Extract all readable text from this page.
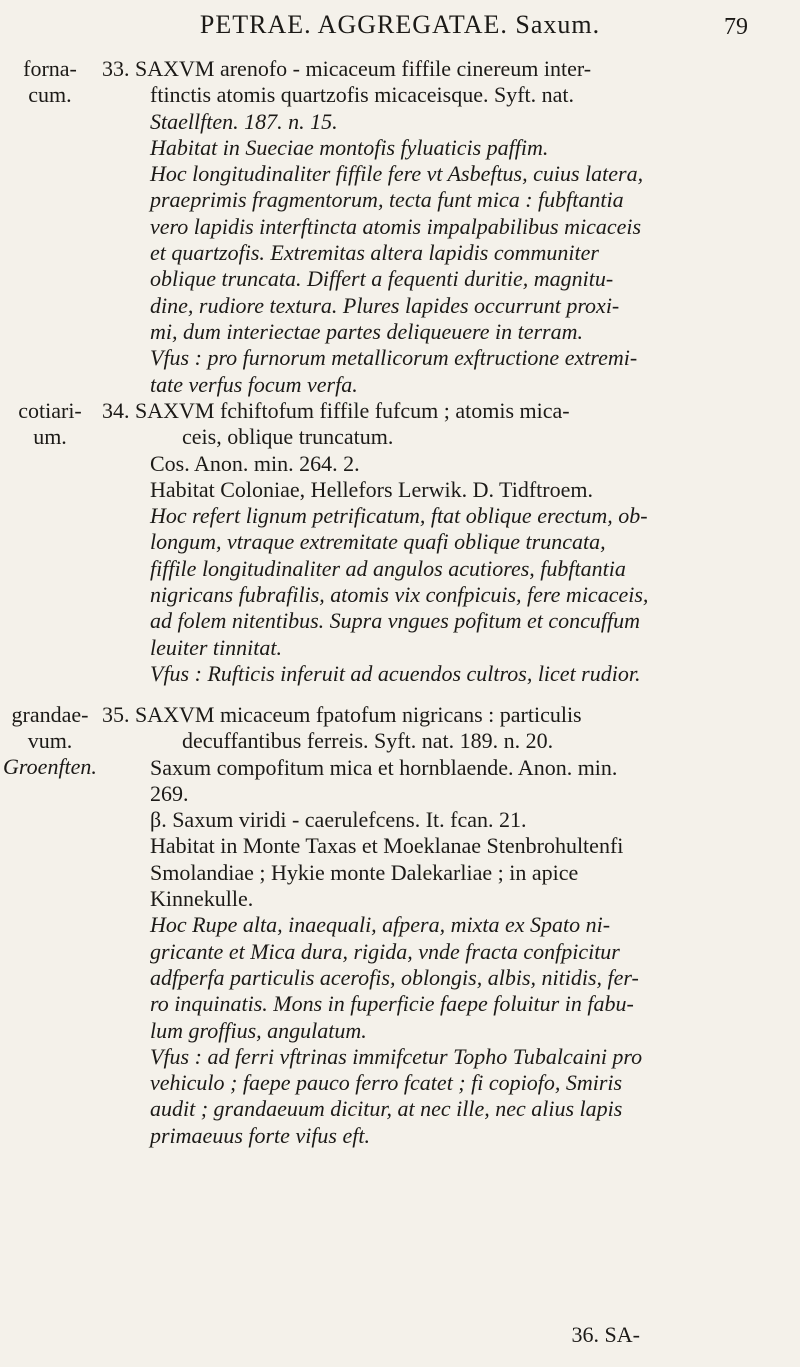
PETRAE. AGGREGATAE. Saxum.	79
forna-
cum.
33. SAXVM arenofo - micaceum fiffile cinereum inter-
ftinctis atomis quartzofis micaceisque. Syft. nat.
Staellften. 187. n. 15.
Habitat in Sueciae montofis fyluaticis paffim.
Hoc longitudinaliter fiffile fere vt Asbeftus, cuius latera,
praeprimis fragmentorum, tecta funt mica : fubftantia
vero lapidis interftincta atomis impalpabilibus micaceis
et quartzofis. Extremitas altera lapidis communiter
oblique truncata. Differt a fequenti duritie, magnitu-
dine, rudiore textura. Plures lapides occurrunt proxi-
mi, dum interiectae partes deliqueuere in terram.
Vfus : pro furnorum metallicorum exftructione extremi-
tate verfus focum verfa.
cotiari-
um.
34. SAXVM fchiftofum fiffile fufcum ; atomis mica-
ceis, oblique truncatum.
Cos. Anon. min. 264. 2.
Habitat Coloniae, Hellefors Lerwik. D. Tidftroem.
Hoc refert lignum petrificatum, ftat oblique erectum, ob-
longum, vtraque extremitate quafi oblique truncata,
fiffile longitudinaliter ad angulos acutiores, fubftantia
nigricans fubrafilis, atomis vix confpicuis, fere micaceis,
ad folem nitentibus. Supra vngues pofitum et concuffum
leuiter tinnitat.
Vfus : Rufticis inferuit ad acuendos cultros, licet rudior.
grandae-
vum.
Groenften.
35. SAXVM micaceum fpatofum nigricans : particulis
decuffantibus ferreis. Syft. nat. 189. n. 20.
Saxum compofitum mica et hornblaende. Anon. min.
269.
β. Saxum viridi - caerulefcens. It. fcan. 21.
Habitat in Monte Taxas et Moeklanae Stenbrohultenfi
Smolandiae ; Hykie monte Dalekarliae ; in apice
Kinnekulle.
Hoc Rupe alta, inaequali, afpera, mixta ex Spato ni-
gricante et Mica dura, rigida, vnde fracta confpicitur
adfperfa particulis acerofis, oblongis, albis, nitidis, fer-
ro inquinatis. Mons in fuperficie faepe foluitur in fabu-
lum groffius, angulatum.
Vfus : ad ferri vftrinas immifcetur Topho Tubalcaini pro
vehiculo ; faepe pauco ferro fcatet ; fi copiofo, Smiris
audit ; grandaeuum dicitur, at nec ille, nec alius lapis
primaeuus forte vifus eft.
36. SA-
